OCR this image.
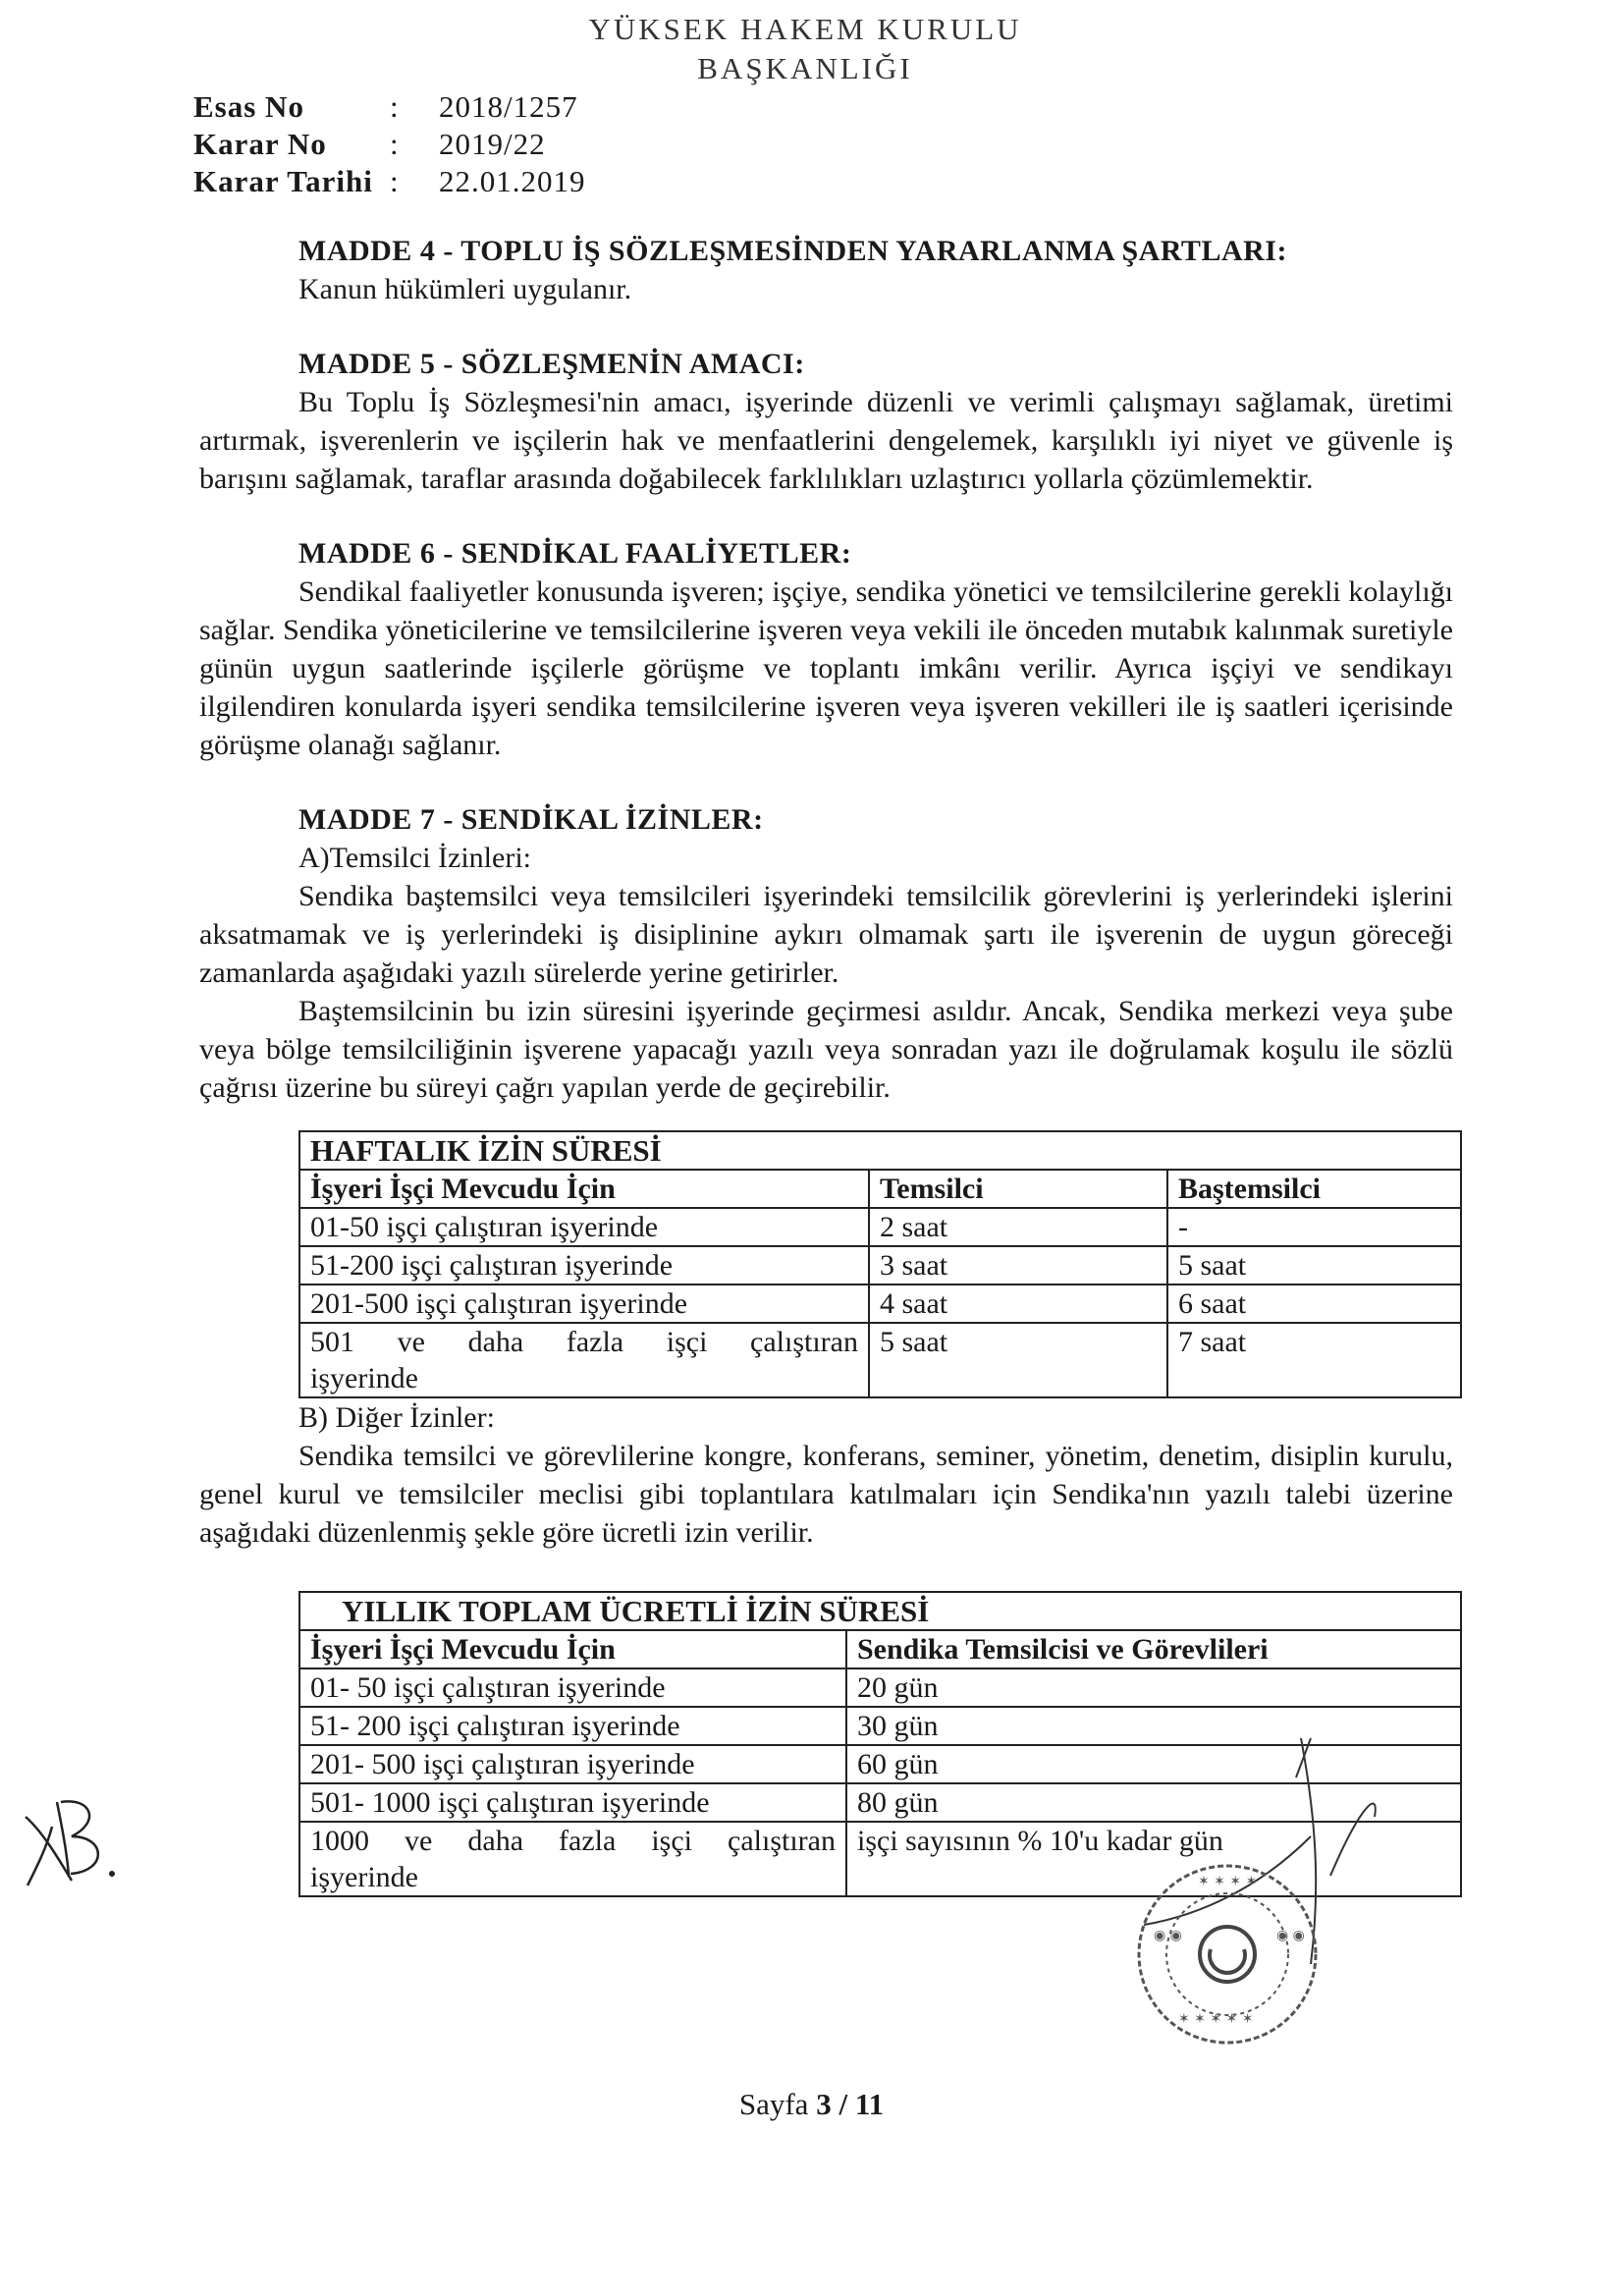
YÜKSEK HAKEM KURULU
BAŞKANLIĞI
Esas No	:	2018/1257
Karar No	:	2019/22
Karar Tarihi :	22.01.2019

MADDE 4 - TOPLU İŞ SÖZLEŞMESİNDEN YARARLANMA ŞARTLARI:

Kanun hükümleri uygulanır.

MADDE 5 - SÖZLEŞMENİN AMACI:

Bu Toplu İş Sözleşmesi'nin amacı, işyerinde düzenli ve verimli çalışmayı sağlamak, üretimi artırmak, işverenlerin ve işçilerin hak ve menfaatlerini dengelemek, karşılıklı iyi niyet ve güvenle iş barışını sağlamak, taraflar arasında doğabilecek farklılıkları uzlaştırıcı yollarla çözümlemektir.

MADDE 6 - SENDİKAL FAALİYETLER:

Sendikal faaliyetler konusunda işveren; işçiye, sendika yönetici ve temsilcilerine gerekli kolaylığı sağlar. Sendika yöneticilerine ve temsilcilerine işveren veya vekili ile önceden mutabık kalınmak suretiyle günün uygun saatlerinde işçilerle görüşme ve toplantı imkânı verilir. Ayrıca işçiyi ve sendikayı ilgilendiren konularda işyeri sendika temsilcilerine işveren veya işveren vekilleri ile iş saatleri içerisinde görüşme olanağı sağlanır.

MADDE 7 - SENDİKAL İZİNLER:

A)Temsilci İzinleri:

Sendika baştemsilci veya temsilcileri işyerindeki temsilcilik görevlerini iş yerlerindeki işlerini aksatmamak ve iş yerlerindeki iş disiplinine aykırı olmamak şartı ile işverenin de uygun göreceği zamanlarda aşağıdaki yazılı sürelerde yerine getirirler.

Baştemsilcinin bu izin süresini işyerinde geçirmesi asıldır. Ancak, Sendika merkezi veya şube veya bölge temsilciliğinin işverene yapacağı yazılı veya sonradan yazı ile doğrulamak koşulu ile sözlü çağrısı üzerine bu süreyi çağrı yapılan yerde de geçirebilir.

HAFTALIK İZİN SÜRESİ		
İşyeri İşçi Mevcudu İçin	Temsilci	Baştemsilci
01-50 işçi çalıştıran işyerinde	2 saat	-
51-200 işçi çalıştıran işyerinde	3 saat	5 saat
201-500 işçi çalıştıran işyerinde	4 saat	6 saat

501 ve daha fazla işçi çalıştıran
işyerinde	5 saat	7 saat

B) Diğer İzinler:

Sendika temsilci ve görevlilerine kongre, konferans, seminer, yönetim, denetim, disiplin kurulu, genel kurul ve temsilciler meclisi gibi toplantılara katılmaları için Sendika'nın yazılı talebi üzerine aşağıdaki düzenlenmiş şekle göre ücretli izin verilir.

YILLIK TOPLAM ÜCRETLİ İZİN SÜRESİ	
İşyeri İşçi Mevcudu İçin	Sendika Temsilcisi ve Görevlileri
01- 50 işçi çalıştıran işyerinde	20 gün
51- 200 işçi çalıştıran işyerinde	30 gün
201- 500 işçi çalıştıran işyerinde	60 gün
501- 1000 işçi çalıştıran işyerinde	80 gün

1000 ve daha fazla işçi çalıştıran
işyerinde	işçi sayısının % 10'u kadar gün
✶ ✶ ✶ ✶
◉ ◉	◉ ◉
✶ ✶ ✶ ✶ ✶
Sayfa 3 / 11
